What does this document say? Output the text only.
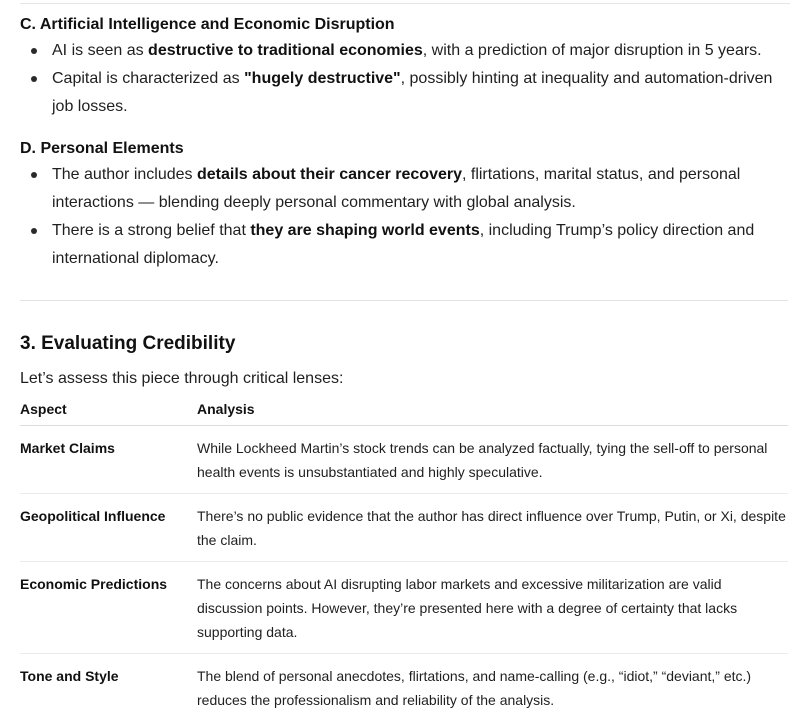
C. Artificial Intelligence and Economic Disruption
AI is seen as destructive to traditional economies, with a prediction of major disruption in 5 years.
Capital is characterized as "hugely destructive", possibly hinting at inequality and automation-driven job losses.
D. Personal Elements
The author includes details about their cancer recovery, flirtations, marital status, and personal interactions — blending deeply personal commentary with global analysis.
There is a strong belief that they are shaping world events, including Trump’s policy direction and international diplomacy.
3. Evaluating Credibility

Let’s assess this piece through critical lenses:

Aspect	Analysis
Market Claims	While Lockheed Martin’s stock trends can be analyzed factually, tying the sell-off to personal health events is unsubstantiated and highly speculative.
Geopolitical Influence	There’s no public evidence that the author has direct influence over Trump, Putin, or Xi, despite the claim.
Economic Predictions	The concerns about AI disrupting labor markets and excessive militarization are valid discussion points. However, they’re presented here with a degree of certainty that lacks supporting data.
Tone and Style	The blend of personal anecdotes, flirtations, and name-calling (e.g., “idiot,” “deviant,” etc.) reduces the professionalism and reliability of the analysis.
